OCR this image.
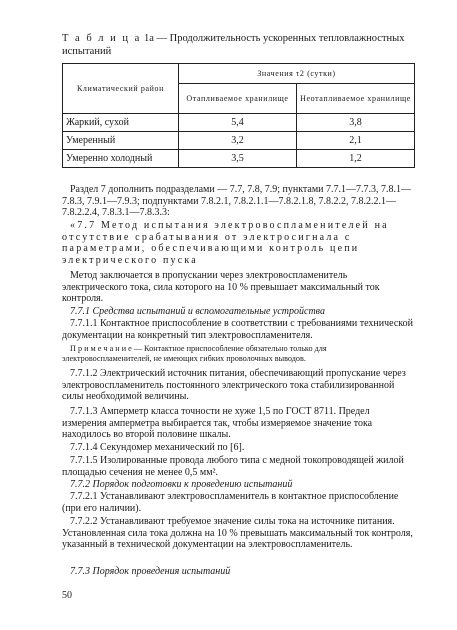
Т а б л и ц а 1а — Продолжительность ускоренных тепловлажностных испытаний
Климатический район	Значения τ2 (сутки)	
	Отапливаемое хранилище	Неотапливаемое хранилище
Жаркий, сухой	5,4	3,8
Умеренный	3,2	2,1
Умеренно холодный	3,5	1,2
Раздел 7 дополнить подразделами — 7.7, 7.8, 7.9; пунктами 7.7.1—7.7.3, 7.8.1—7.8.3, 7.9.1—7.9.3; подпунктами 7.8.2.1, 7.8.2.1.1—7.8.2.1.8, 7.8.2.2, 7.8.2.2.1—7.8.2.2.4, 7.8.3.1—7.8.3.3:
«7.7 Метод испытания электровоспламенителей на отсутствие срабатывания от электросигнала с параметрами, обеспечивающими контроль цепи электрического пуска
Метод заключается в пропускании через электровоспламенитель электрического тока, сила которого на 10 % превышает максимальный ток контроля.
7.7.1 Средства испытаний и вспомогательные устройства
7.7.1.1 Контактное приспособление в соответствии с требованиями технической документации на конкретный тип электровоспламенителя.
П р и м е ч а н и е — Контактное приспособление обязательно только для электровоспламенителей, не имеющих гибких проволочных выводов.
7.7.1.2 Электрический источник питания, обеспечивающий пропускание через электровоспламенитель постоянного электрического тока стабилизированной силы необходимой величины.
7.7.1.3 Амперметр класса точности не хуже 1,5 по ГОСТ 8711. Предел измерения амперметра выбирается так, чтобы измеряемое значение тока находилось во второй половине шкалы.
7.7.1.4 Секундомер механический по [6].
7.7.1.5 Изолированные провода любого типа с медной токопроводящей жилой площадью сечения не менее 0,5 мм².
7.7.2 Порядок подготовки к проведению испытаний
7.7.2.1 Устанавливают электровоспламенитель в контактное приспособление (при его наличии).
7.7.2.2 Устанавливают требуемое значение силы тока на источнике питания. Установленная сила тока должна на 10 % превышать максимальный ток контроля, указанный в технической документации на электровоспламенитель.
7.7.3 Порядок проведения испытаний
50
